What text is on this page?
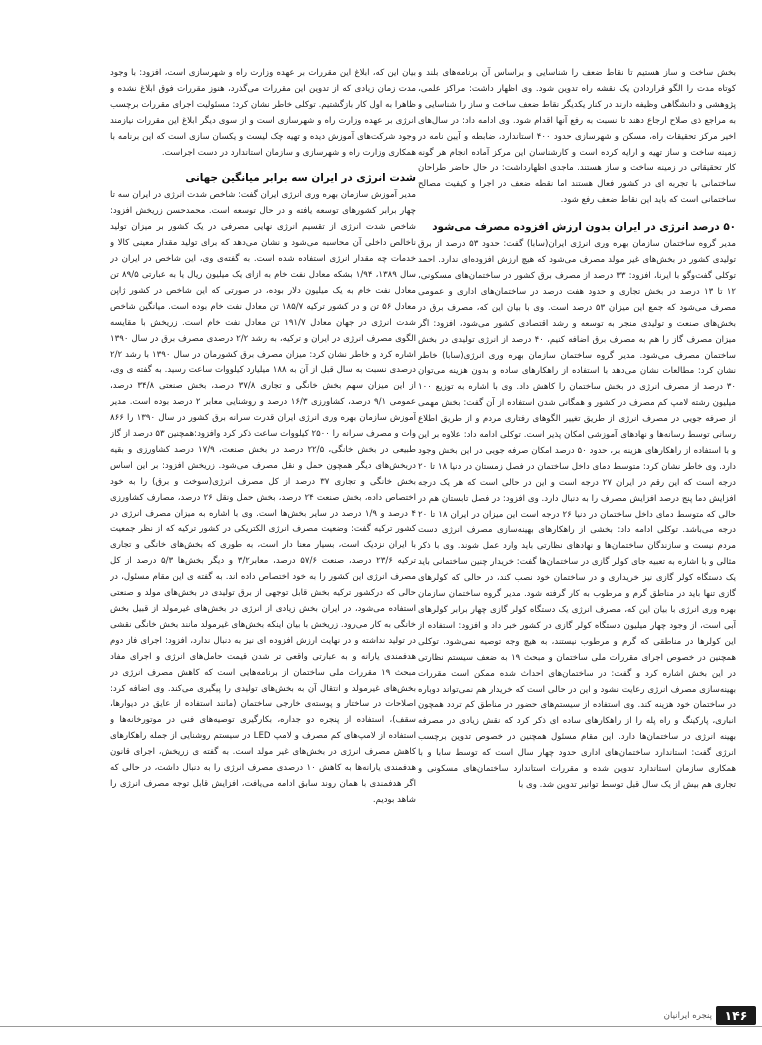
بخش ساخت و ساز هستیم تا نقاط ضعف را شناسایی و براساس آن برنامه‌های بلند و کوتاه مدت را الگو قراردادن یک نقشه راه تدوین شود. وی اظهار داشت: مراکز علمی، پژوهشی و دانشگاهی وظیفه دارند در کنار یکدیگر نقاط ضعف ساخت و ساز را شناسایی و به مراجع ذی صلاح ارجاع دهند تا نسبت به رفع آنها اقدام شود. وی ادامه داد: در سال‌های اخیر مرکز تحقیقات راه، مسکن و شهرسازی حدود ۴۰۰ استاندارد، ضابطه و آیین نامه در زمینه ساخت و ساز تهیه و ارایه کرده است و کارشناسان این مرکز آماده انجام هر گونه کار تحقیقاتی در زمینه ساخت و ساز هستند. ماجدی اظهارداشت: در حال حاضر طراحان ساختمانی با تجربه ای در کشور فعال هستند اما نقطه ضعف در اجرا و کیفیت مصالح ساختمانی است که باید این نقاط ضعف رفع شود.

۵۰ درصد انرژی در ایران بدون ارزش افزوده مصرف می‌شود

مدیر گروه ساختمان سازمان بهره وری انرژی ایران(سابا) گفت: حدود ۵۳ درصد از برق تولیدی کشور در بخش‌های غیر مولد مصرف می‌شود که هیچ ارزش افزوده‌ای ندارد. احمد توکلی گفت‌وگو با ایرنا، افزود: ۳۳ درصد از مصرف برق کشور در ساختمان‌های مسکونی، ۱۲ تا ۱۳ درصد در بخش تجاری و حدود هفت درصد در ساختمان‌های اداری و عمومی مصرف می‌شود که جمع این میزان ۵۳ درصد است. وی با بیان این که، مصرف برق در بخش‌های صنعت و تولیدی منجر به توسعه و رشد اقتصادی کشور می‌شود، افزود: اگر میزان مصرف گاز را هم به مصرف برق اضافه کنیم، ۴۰ درصد از انرژی تولیدی در بخش ساختمان مصرف می‌شود. مدیر گروه ساختمان سازمان بهره وری انرژی(سابا) خاطر نشان کرد: مطالعات نشان می‌دهد با استفاده از راهکارهای ساده و بدون هزینه می‌توان ۳۰ درصد از مصرف انرژی در بخش ساختمان را کاهش داد. وی با اشاره به توزیع ۱۰۰ میلیون رشته لامپ کم مصرف در کشور و همگانی شدن استفاده از آن گفت: بخش مهمی از صرفه جویی در مصرف انرژی از طریق تغییر الگوهای رفتاری مردم و از طریق اطلاع رسانی توسط رسانه‌ها و نهادهای آموزشی امکان پذیر است. توکلی ادامه داد: علاوه بر این و با استفاده از راهکارهای هزینه بر، حدود ۵۰ درصد امکان صرفه جویی در این بخش وجود دارد. وی خاطر نشان کرد: متوسط دمای داخل ساختمان در فصل زمستان در دنیا ۱۸ تا ۲۰ درجه است که این رقم در ایران ۲۷ درجه است و این در حالی است که هر یک درجه افزایش دما پنج درصد افزایش مصرف را به دنبال دارد. وی افزود: در فصل تابستان هم در حالی که متوسط دمای داخل ساختمان در دنیا ۲۶ درجه است این میزان در ایران ۱۸ تا ۲۰ درجه می‌باشد. توکلی ادامه داد: بخشی از راهکارهای بهینه‌سازی مصرف انرژی دست مردم نیست و سازندگان ساختمان‌ها و نهادهای نظارتی باید وارد عمل شوند. وی با ذکر مثالی و با اشاره به تعبیه جای کولر گازی در ساختمان‌ها گفت: خریدار چنین ساختمانی باید یک دستگاه کولر گازی نیز خریداری و در ساختمان خود نصب کند، در حالی که کولرهای گازی تنها باید در مناطق گرم و مرطوب به کار گرفته شود. مدیر گروه ساختمان سازمان بهره وری انرژی با بیان این که، مصرف انرژی یک دستگاه کولر گازی چهار برابر کولرهای آبی است، از وجود چهار میلیون دستگاه کولر گازی در کشور خبر داد و افزود: استفاده از این کولرها در مناطقی که گرم و مرطوب نیستند، به هیچ وجه توصیه نمی‌شود. توکلی همچنین در خصوص اجرای مقررات ملی ساختمان و مبحث ۱۹ به ضعف سیستم نظارتی در این بخش اشاره کرد و گفت: در ساختمان‌های احداث شده ممکن است مقررات بهینه‌سازی مصرف انرژی رعایت نشود و این در حالی است که خریدار هم نمی‌تواند دوباره در ساختمان خود هزینه کند. وی استفاده از سیستم‌های حضور در مناطق کم تردد همچون انباری، پارکینگ و راه پله را از راهکارهای ساده ای ذکر کرد که نقش زیادی در مصرفه بهینه انرژی در ساختمان‌ها دارد. این مقام مسئول همچنین در خصوص تدوین برچسب انرژی گفت: استاندارد ساختمان‌های اداری حدود چهار سال است که توسط سابا و با همکاری سازمان استاندارد تدوین شده و مقررات استاندارد ساختمان‌های مسکونی و تجاری هم بیش از یک سال قبل توسط توانیر تدوین شد. وی با

بیان این که، ابلاغ این مقررات بر عهده وزارت راه و شهرسازی است، افزود: با وجود مدت زمان زیادی که از تدوین این مقررات می‌گذرد، هنوز مقررات فوق ابلاغ نشده و ظاهرا به اول کار بازگشتیم. توکلی خاطر نشان کرد: مسئولیت اجرای مقررات برچسب انرژی بر عهده وزارت راه و شهرسازی است و از سوی دیگر ابلاغ این مقررات نیازمند وجود شرکت‌های آموزش دیده و تهیه چک لیست و یکسان سازی است که این برنامه با همکاری وزارت راه و شهرسازی و سازمان استاندارد در دست اجراست.

شدت انرژی در ایران سه برابر میانگین جهانی

مدیر آموزش سازمان بهره وری انرژی ایران گفت: شاخص شدت انرژی در ایران سه تا چهار برابر کشورهای توسعه یافته و در حال توسعه است. محمدحسن زریخش افزود: شاخص شدت انرژی از تقسیم انرژی نهایی مصرفی در یک کشور بر میزان تولید ناخالص داخلی آن محاسبه می‌شود و نشان می‌دهد که برای تولید مقدار معینی کالا و خدمات چه مقدار انرژی استفاده شده است. به گفته‌ی وی، این شاخص در ایران در سال ۱۳۸۹، ۱/۹۴ بشکه معادل نفت خام به ازای یک میلیون ریال یا به عبارتی ۸۹/۵ تن معادل نفت خام به یک میلیون دلار بوده، در صورتی که این شاخص در کشور ژاپن معادل ۵۶ تن و در کشور ترکیه ۱۸۵/۷ تن معادل نفت خام بوده است. میانگین شاخص شدت انرژی در جهان معادل ۱۹۱/۷ تن معادل نفت خام است. زریخش با مقایسه الگوی مصرف انرژی در ایران و ترکیه، به رشد ۲/۲ درصدی مصرف برق در سال ۱۳۹۰ اشاره کرد و خاطر نشان کرد: میزان مصرف برق کشورمان در سال ۱۳۹۰ با رشد ۲/۲ درصدی نسبت به سال قبل از آن به ۱۸۸ میلیارد کیلووات ساعت رسید. به گفته ی وی، از این میزان سهم بخش خانگی و تجاری ۳۷/۸ درصد، بخش صنعتی ۳۴/۸ درصد، عمومی ۹/۱ درصد، کشاورزی ۱۶/۳ درصد و روشنایی معابر ۲ درصد بوده است. مدیر آموزش سازمان بهره وری انرژی ایران قدرت سرانه برق کشور در سال ۱۳۹۰ را ۸۶۶ وات و مصرف سرانه را ۲۵۰۰ کیلووات ساعت ذکر کرد وافزود:همچنین ۵۳ درصد از گاز طبیعی در بخش خانگی، ۲۲/۵ درصد در بخش صنعت، ۱۷/۹ درصد کشاورزی و بقیه دربخش‌های دیگر همچون حمل و نقل مصرف می‌شود. زریخش افزود: بر این اساس بخش خانگی و تجاری ۳۷ درصد از کل مصرف انرژی(سوخت و برق) را به خود اختصاص داده، بخش صنعت ۲۴ درصد، بخش حمل ونقل ۲۶ درصد، مصارف کشاورزی ۴ درصد و ۱/۹ درصد در سایر بخش‌ها است. وی با اشاره به میزان مصرف انرژی در کشور ترکیه گفت: وضعیت مصرف انرژی الکتریکی در کشور ترکیه که از نظر جمعیت با ایران نزدیک است، بسیار معنا دار است، به طوری که بخش‌های خانگی و تجاری ترکیه ۲۳/۶ درصد، صنعت ۵۷/۶ درصد، معابر۳/۲ و دیگر بخش‌ها ۵/۳ درصد از کل مصرف انرژی این کشور را به خود اختصاص داده اند. به گفته ی این مقام مسئول، در حالی که درکشور ترکیه بخش قابل توجهی از برق تولیدی در بخش‌های مولد و صنعتی استفاده می‌شود، در ایران بخش زیادی از انرژی در بخش‌های غیرمولد از قبیل بخش خانگی به کار می‌رود. زریخش با بیان اینکه بخش‌های غیرمولد مانند بخش خانگی نقشی در تولید نداشته و در نهایت ارزش افزوده ای نیز به دنبال ندارد، افزود: اجرای فاز دوم هدفمندی یارانه و به عبارتی واقعی تر شدن قیمت حامل‌های انرژی و اجرای مفاد مبحث ۱۹ مقررات ملی ساختمان از برنامه‌هایی است که کاهش مصرف انرژی در بخش‌های غیرمولد و انتقال آن به بخش‌های تولیدی را پیگیری می‌کند. وی اضافه کرد: اصلاحات در ساختار و پوسته‌ی خارجی ساختمان (مانند استفاده از عایق در دیوارها، سقف)، استفاده از پنجره دو جداره، بکارگیری توصیه‌های فنی در موتورخانه‌ها و استفاده از لامپ‌های کم مصرف و لامپ LED در سیستم روشنایی از جمله راهکارهای کاهش مصرف انرژی در بخش‌های غیر مولد است. به گفته ی زریخش، اجرای قانون هدفمندی یارانه‌ها به کاهش ۱۰ درصدی مصرف انرژی را به دنبال داشت، در حالی که اگر هدفمندی با همان روند سابق ادامه می‌یافت، افزایش قابل توجه مصرف انرژی را شاهد بودیم.

۱۴۶
پنجره ایرانیان
